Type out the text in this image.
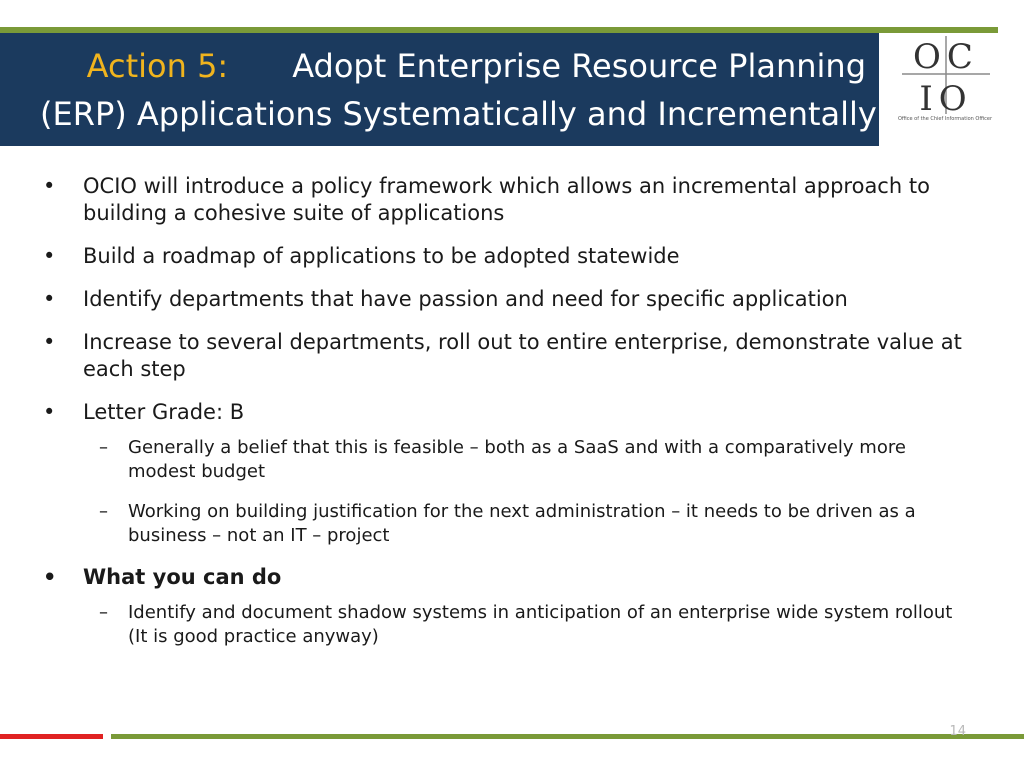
Action 5: Adopt Enterprise Resource Planning
(ERP) Applications Systematically and Incrementally
OC
IO
Office of the Chief Information Officer
• OCIO will introduce a policy framework which allows an incremental approach to building a cohesive suite of applications
• Build a roadmap of applications to be adopted statewide
• Identify departments that have passion and need for specific application
• Increase to several departments, roll out to entire enterprise, demonstrate value at each step
• Letter Grade: B
– Generally a belief that this is feasible – both as a SaaS and with a comparatively more modest budget
– Working on building justification for the next administration – it needs to be driven as a business – not an IT – project
• What you can do
– Identify and document shadow systems in anticipation of an enterprise wide system rollout (It is good practice anyway)
14
